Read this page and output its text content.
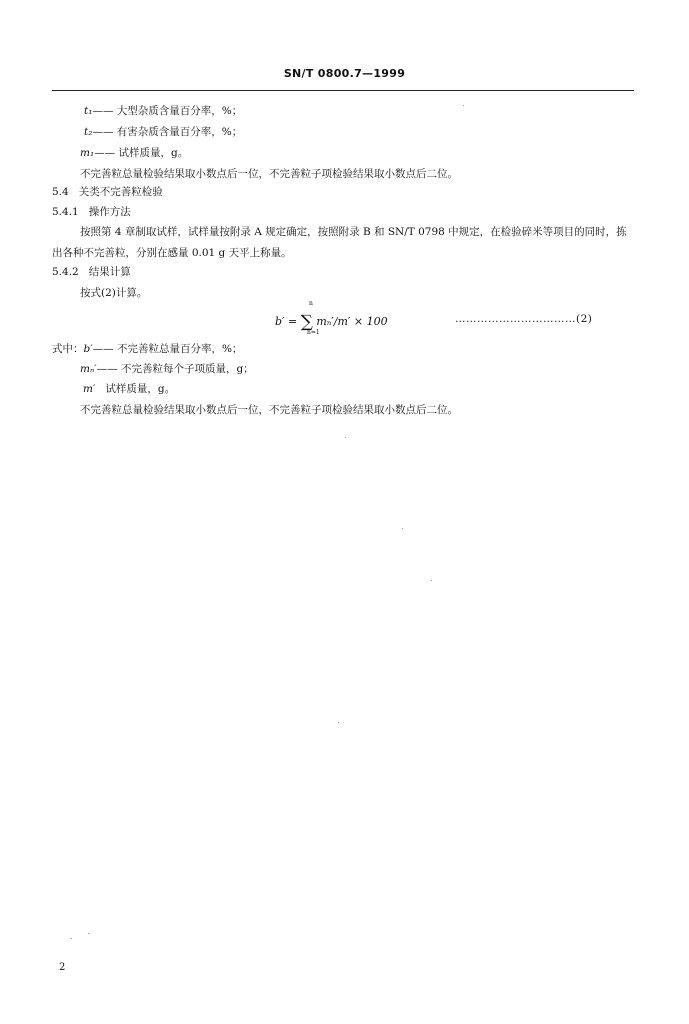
SN/T 0800.7—1999
t₁—— 大型杂质含量百分率，%；
t₂—— 有害杂质含量百分率，%；
m₁—— 试样质量，g。
不完善粒总量检验结果取小数点后一位，不完善粒子项检验结果取小数点后二位。
5.4 关类不完善粒检验
5.4.1 操作方法
按照第 4 章制取试样，试样量按附录 A 规定确定，按照附录 B 和 SN/T 0798 中规定，在检验碎米等项目的同时，拣出各种不完善粒，分别在感量 0.01 g 天平上称量。
5.4.2 结果计算
按式(2)计算。
b′ = ∑
n
n=1
mₙ′/m′ × 100	……………………………(2)
式中：b′—— 不完善粒总量百分率，%；
mₙ′—— 不完善粒每个子项质量，g；
m′   试样质量，g。
不完善粒总量检验结果取小数点后一位，不完善粒子项检验结果取小数点后二位。
2
